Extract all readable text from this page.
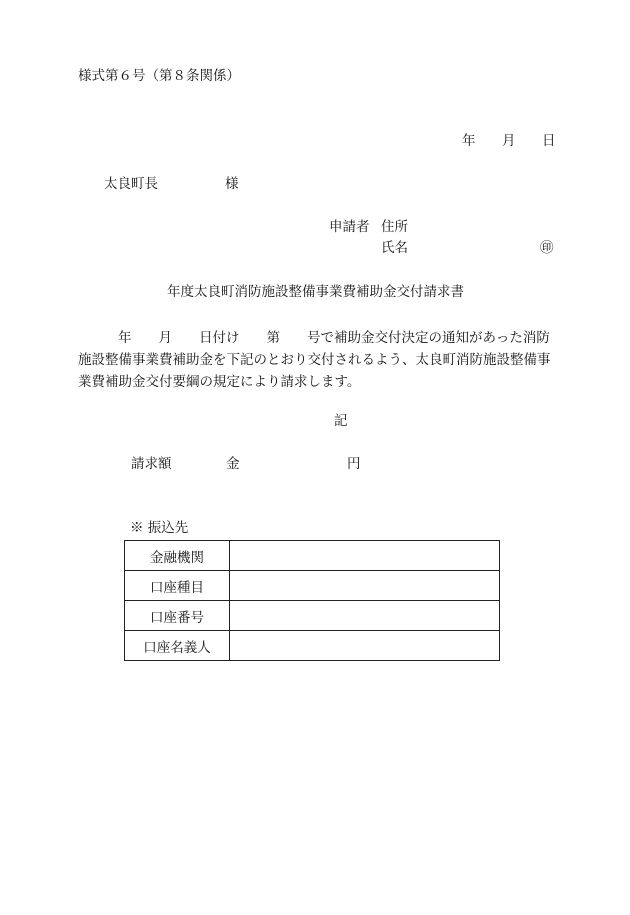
様式第６号（第８条関係）
年 月 日
太良町長	様
申請者 住所
氏名	㊞
年度太良町消防施設整備事業費補助金交付請求書
年　　月　　日付け　　第　　号で補助金交付決定の通知があった消防
施設整備事業費補助金を下記のとおり交付されるよう、太良町消防施設整備事
業費補助金交付要綱の規定により請求します。
記
請求額	金	円
※ 振込先
金融機関	
口座種目	
口座番号	
口座名義人	
